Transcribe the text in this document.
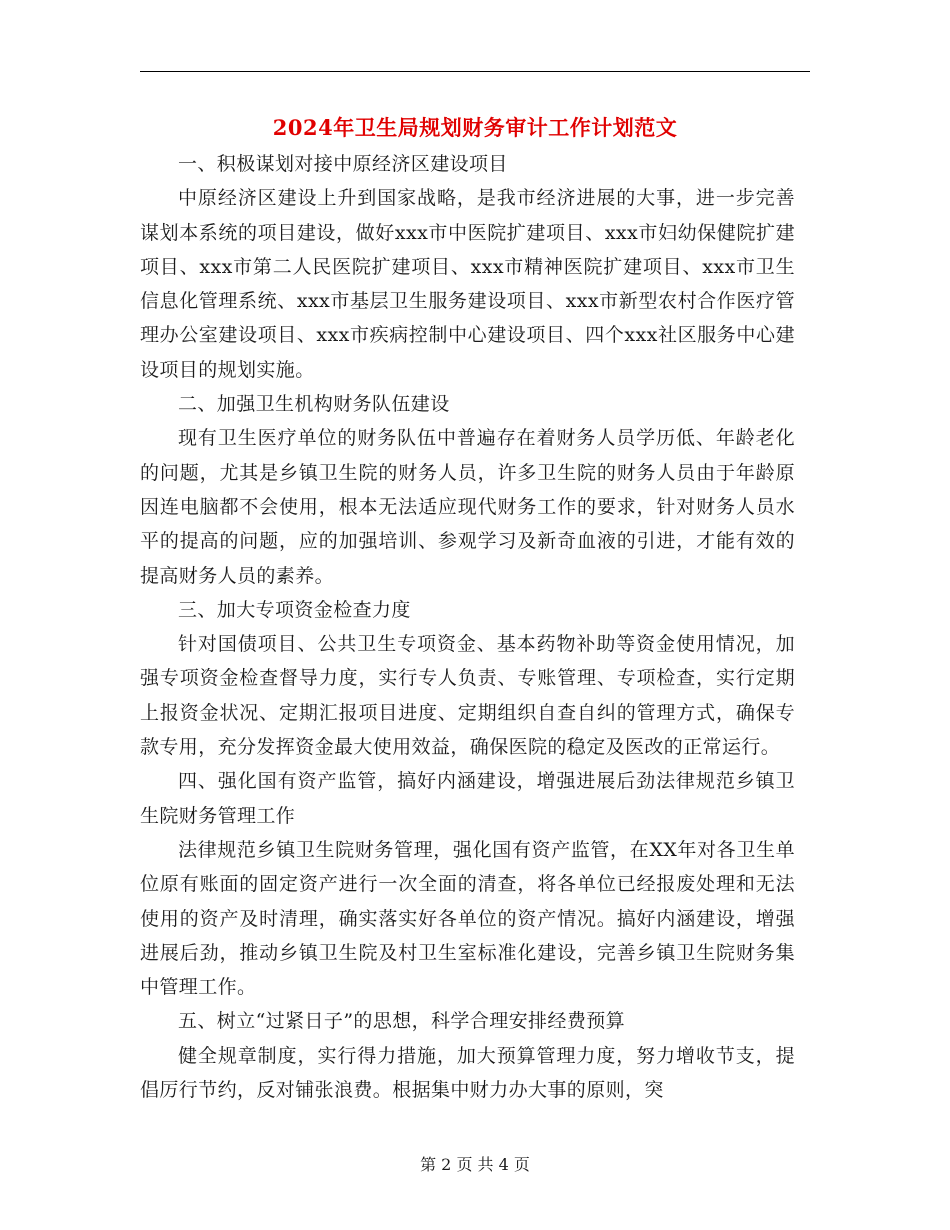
2024年卫生局规划财务审计工作计划范文

一、积极谋划对接中原经济区建设项目

中原经济区建设上升到国家战略，是我市经济进展的大事，进一步完善谋划本系统的项目建设，做好xxx市中医院扩建项目、xxx市妇幼保健院扩建项目、xxx市第二人民医院扩建项目、xxx市精神医院扩建项目、xxx市卫生信息化管理系统、xxx市基层卫生服务建设项目、xxx市新型农村合作医疗管理办公室建设项目、xxx市疾病控制中心建设项目、四个xxx社区服务中心建设项目的规划实施。

二、加强卫生机构财务队伍建设

现有卫生医疗单位的财务队伍中普遍存在着财务人员学历低、年龄老化的问题，尤其是乡镇卫生院的财务人员，许多卫生院的财务人员由于年龄原因连电脑都不会使用，根本无法适应现代财务工作的要求，针对财务人员水平的提高的问题，应的加强培训、参观学习及新奇血液的引进，才能有效的提高财务人员的素养。

三、加大专项资金检查力度

针对国债项目、公共卫生专项资金、基本药物补助等资金使用情况，加强专项资金检查督导力度，实行专人负责、专账管理、专项检查，实行定期上报资金状况、定期汇报项目进度、定期组织自查自纠的管理方式，确保专款专用，充分发挥资金最大使用效益，确保医院的稳定及医改的正常运行。

四、强化国有资产监管，搞好内涵建设，增强进展后劲法律规范乡镇卫生院财务管理工作

法律规范乡镇卫生院财务管理，强化国有资产监管，在XX年对各卫生单位原有账面的固定资产进行一次全面的清查，将各单位已经报废处理和无法使用的资产及时清理，确实落实好各单位的资产情况。搞好内涵建设，增强进展后劲，推动乡镇卫生院及村卫生室标准化建设，完善乡镇卫生院财务集中管理工作。

五、树立“过紧日子”的思想，科学合理安排经费预算

健全规章制度，实行得力措施，加大预算管理力度，努力增收节支，提倡厉行节约，反对铺张浪费。根据集中财力办大事的原则，突

第 2 页 共 4 页
